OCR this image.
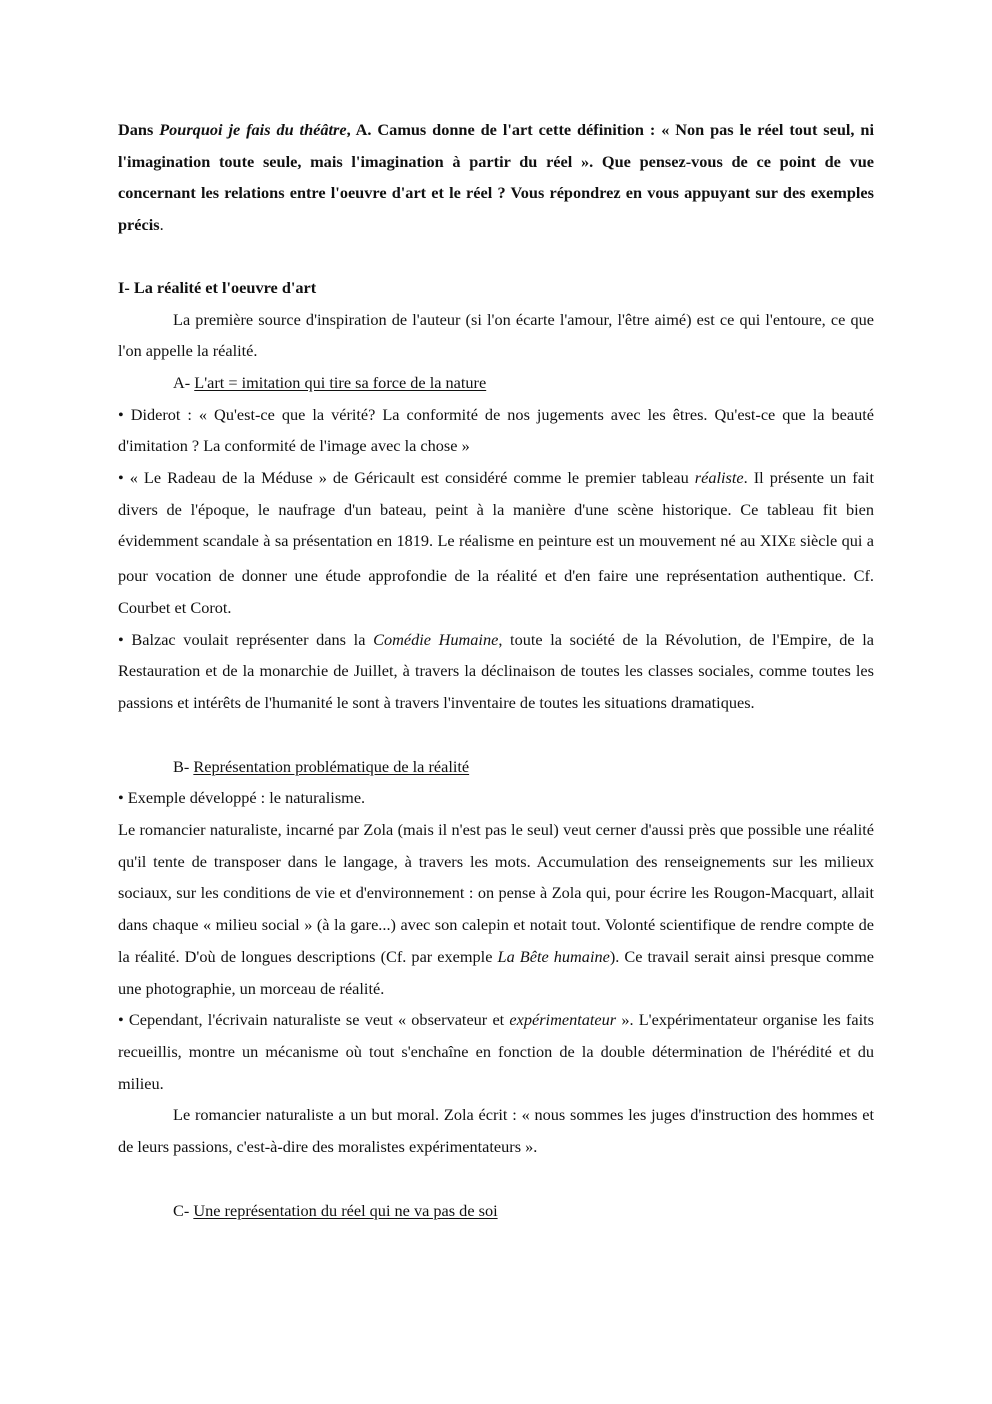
Dans Pourquoi je fais du théâtre, A. Camus donne de l'art cette définition : « Non pas le réel tout seul, ni l'imagination toute seule, mais l'imagination à partir du réel ». Que pensez-vous de ce point de vue concernant les relations entre l'oeuvre d'art et le réel ? Vous répondrez en vous appuyant sur des exemples précis.

I- La réalité et l'oeuvre d'art

La première source d'inspiration de l'auteur (si l'on écarte l'amour, l'être aimé) est ce qui l'entoure, ce que l'on appelle la réalité.

A- L'art = imitation qui tire sa force de la nature

• Diderot : « Qu'est-ce que la vérité? La conformité de nos jugements avec les êtres. Qu'est-ce que la beauté d'imitation ? La conformité de l'image avec la chose »

• « Le Radeau de la Méduse » de Géricault est considéré comme le premier tableau réaliste. Il présente un fait divers de l'époque, le naufrage d'un bateau, peint à la manière d'une scène historique. Ce tableau fit bien évidemment scandale à sa présentation en 1819. Le réalisme en peinture est un mouvement né au XIXE siècle qui a pour vocation de donner une étude approfondie de la réalité et d'en faire une représentation authentique. Cf. Courbet et Corot.

• Balzac voulait représenter dans la Comédie Humaine, toute la société de la Révolution, de l'Empire, de la Restauration et de la monarchie de Juillet, à travers la déclinaison de toutes les classes sociales, comme toutes les passions et intérêts de l'humanité le sont à travers l'inventaire de toutes les situations dramatiques.

B- Représentation problématique de la réalité

• Exemple développé : le naturalisme.

Le romancier naturaliste, incarné par Zola (mais il n'est pas le seul) veut cerner d'aussi près que possible une réalité qu'il tente de transposer dans le langage, à travers les mots. Accumulation des renseignements sur les milieux sociaux, sur les conditions de vie et d'environnement : on pense à Zola qui, pour écrire les Rougon-Macquart, allait dans chaque « milieu social » (à la gare...) avec son calepin et notait tout. Volonté scientifique de rendre compte de la réalité. D'où de longues descriptions (Cf. par exemple La Bête humaine). Ce travail serait ainsi presque comme une photographie, un morceau de réalité.

• Cependant, l'écrivain naturaliste se veut « observateur et expérimentateur ». L'expérimentateur organise les faits recueillis, montre un mécanisme où tout s'enchaîne en fonction de la double détermination de l'hérédité et du milieu.

Le romancier naturaliste a un but moral. Zola écrit : « nous sommes les juges d'instruction des hommes et de leurs passions, c'est-à-dire des moralistes expérimentateurs ».

C- Une représentation du réel qui ne va pas de soi
